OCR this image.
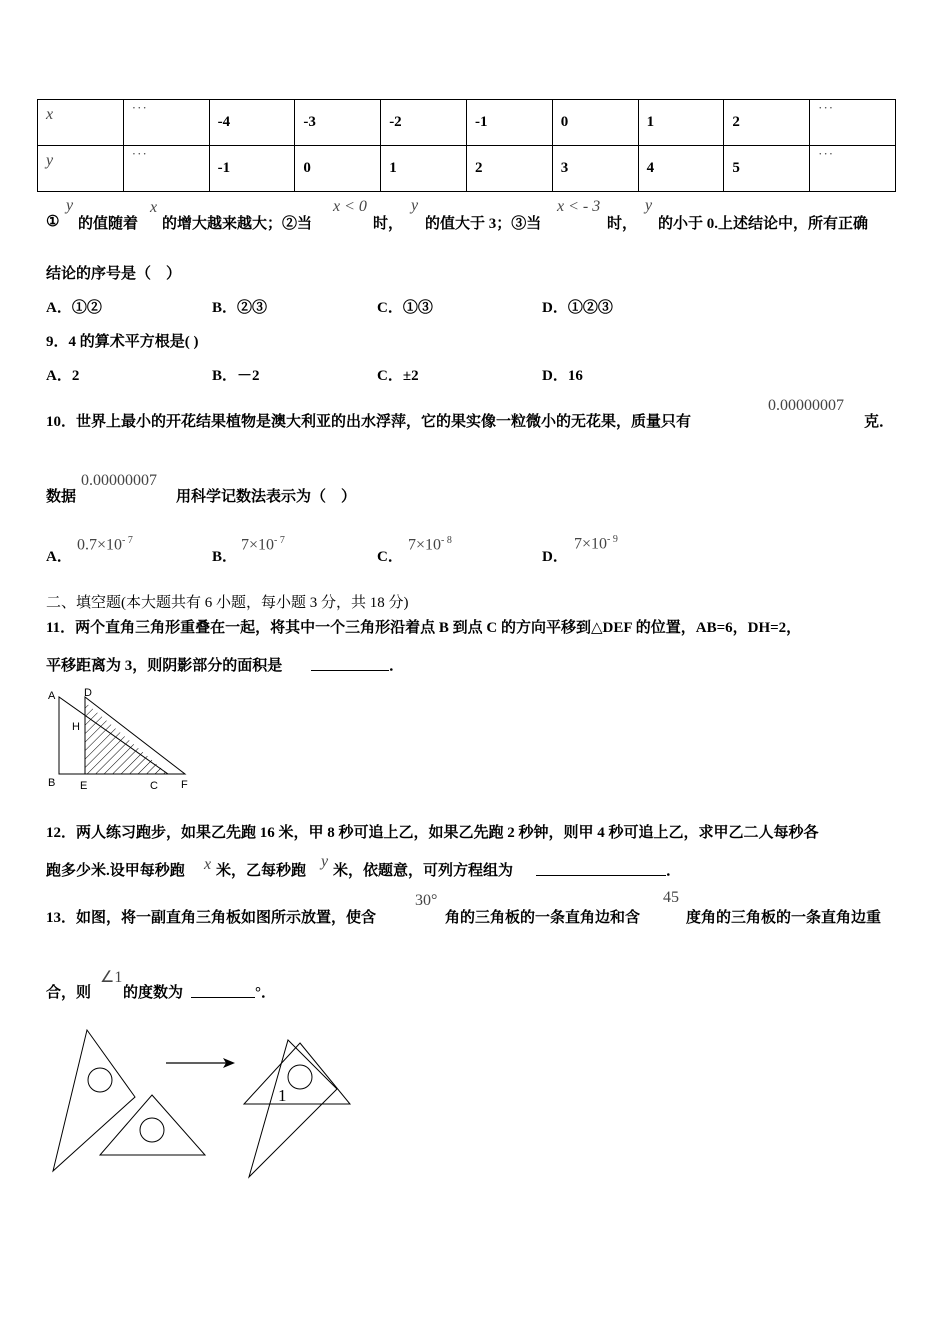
x	···	-4	-3	-2	-1	0	1	2	···
y	···	-1	0	1	2	3	4	5	···
①
y
的值随着
x
的增大越来越大；②当
x < 0
时，
y
的值大于 3；③当
x < - 3
时，
y
的小于 0.上述结论中，所有正确
结论的序号是（　）
A．①②	B．②③	C．①③	D．①②③
9．4 的算术平方根是( )
A．2	B．－2	C．±2	D．16
10．世界上最小的开花结果植物是澳大利亚的出水浮萍，它的果实像一粒微小的无花果，质量只有
0.00000007
克．
数据
0.00000007
用科学记数法表示为（　）
A．
$0.7\times 10^{- 7}$
B．
$7\times 10^{- 7}$
C．
$7\times 10^{- 8}$
D．
$7\times 10^{- 9}$
二、填空题(本大题共有 6 小题，每小题 3 分，共 18 分)
11．两个直角三角形重叠在一起，将其中一个三角形沿着点 B 到点 C 的方向平移到△DEF 的位置，AB=6，DH=2，
平移距离为 3，则阴影部分的面积是	．
A	D
H
B E	C F
12．两人练习跑步，如果乙先跑 16 米，甲 8 秒可追上乙，如果乙先跑 2 秒钟，则甲 4 秒可追上乙，求甲乙二人每秒各
跑多少米.设甲每秒跑 x 米，乙每秒跑
y
米，依题意，可列方程组为	．
13．如图，将一副直角三角板如图所示放置，使含
30°
角的三角板的一条直角边和含
45
度角的三角板的一条直角边重
合，则
∠1
的度数为	°．
1
